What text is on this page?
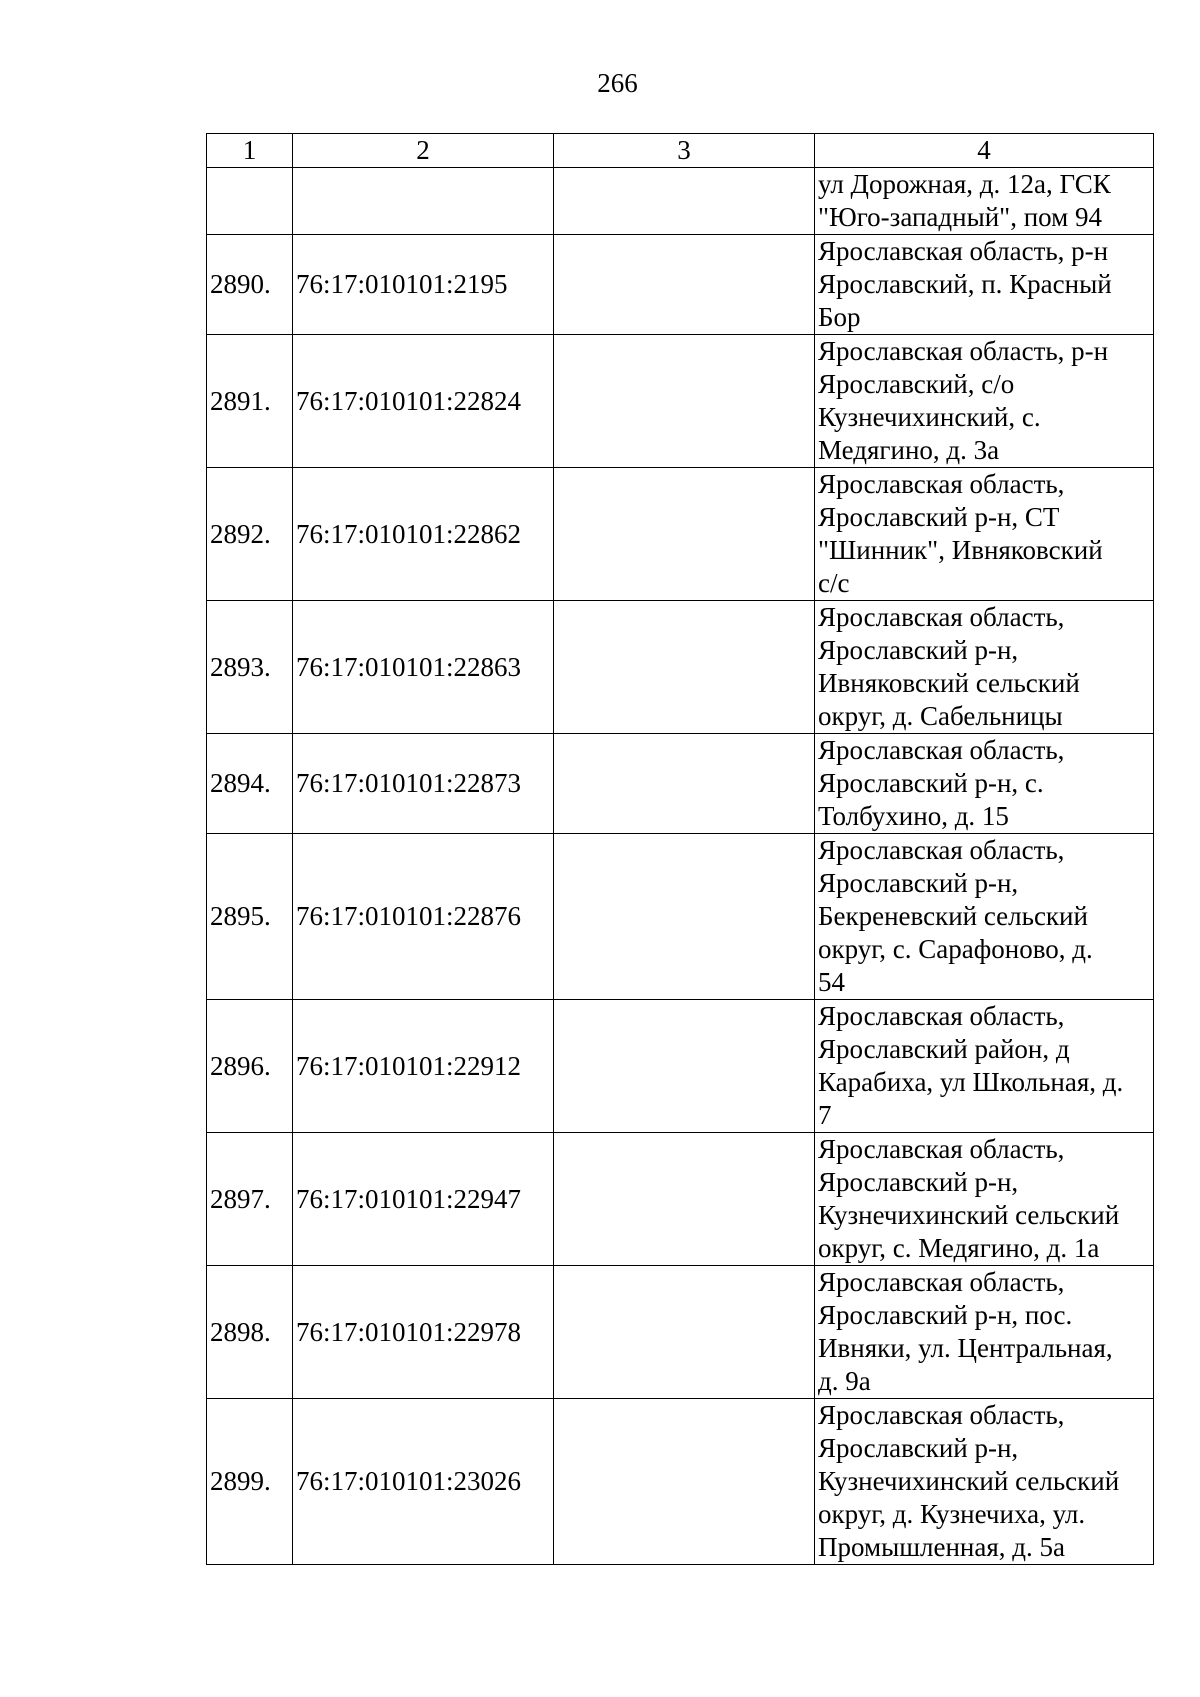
266
1	2	3	4

			ул Дорожная, д. 12а, ГСК
"Юго-западный", пом 94

2890.	76:17:010101:2195		Ярославская область, р-н
Ярославский, п. Красный
Бор

2891.	76:17:010101:22824		Ярославская область, р-н
Ярославский, с/о
Кузнечихинский, с.
Медягино, д. 3а

2892.	76:17:010101:22862		Ярославская область,
Ярославский р-н, СТ
"Шинник", Ивняковский
с/с

2893.	76:17:010101:22863		Ярославская область,
Ярославский р-н,
Ивняковский сельский
округ, д. Сабельницы

2894.	76:17:010101:22873		Ярославская область,
Ярославский р-н, с.
Толбухино, д. 15

2895.	76:17:010101:22876		Ярославская область,
Ярославский р-н,
Бекреневский сельский
округ, с. Сарафоново, д.
54

2896.	76:17:010101:22912		Ярославская область,
Ярославский район, д
Карабиха, ул Школьная, д.
7

2897.	76:17:010101:22947		Ярославская область,
Ярославский р-н,
Кузнечихинский сельский
округ, с. Медягино, д. 1а

2898.	76:17:010101:22978		Ярославская область,
Ярославский р-н, пос.
Ивняки, ул. Центральная,
д. 9а

2899.	76:17:010101:23026		Ярославская область,
Ярославский р-н,
Кузнечихинский сельский
округ, д. Кузнечиха, ул.
Промышленная, д. 5а
